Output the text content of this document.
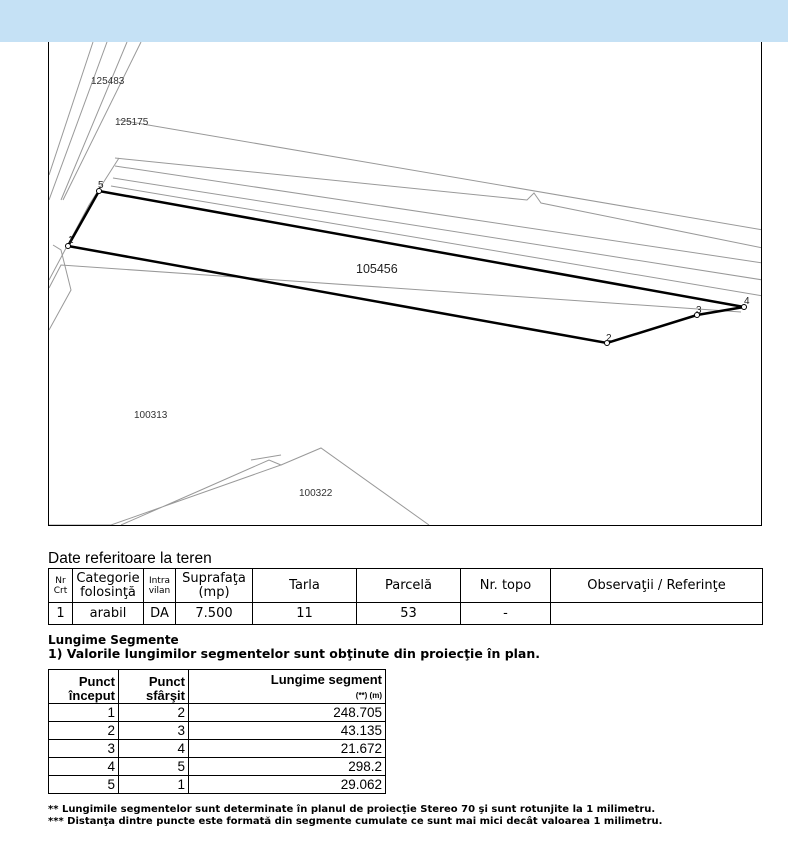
1
2
3
4
5
125483
125175
105456
100313
100322
Date referitoare la teren
Nr Crt	Categorie folosinţă	Intra vilan	Suprafaţa (mp)	Tarla	Parcelă	Nr. topo	Observaţii / Referinţe
1	arabil	DA	7.500	11	53	-	
Lungime Segmente
1) Valorile lungimilor segmentelor sunt obţinute din proiecţie în plan.
Punct început	Punct sfârşit	Lungime segment
(**) (m)
1	2	248.705
2	3	43.135
3	4	21.672
4	5	298.2
5	1	29.062
** Lungimile segmentelor sunt determinate în planul de proiecţie Stereo 70 şi sunt rotunjite la 1 milimetru.
*** Distanţa dintre puncte este formată din segmente cumulate ce sunt mai mici decât valoarea 1 milimetru.
